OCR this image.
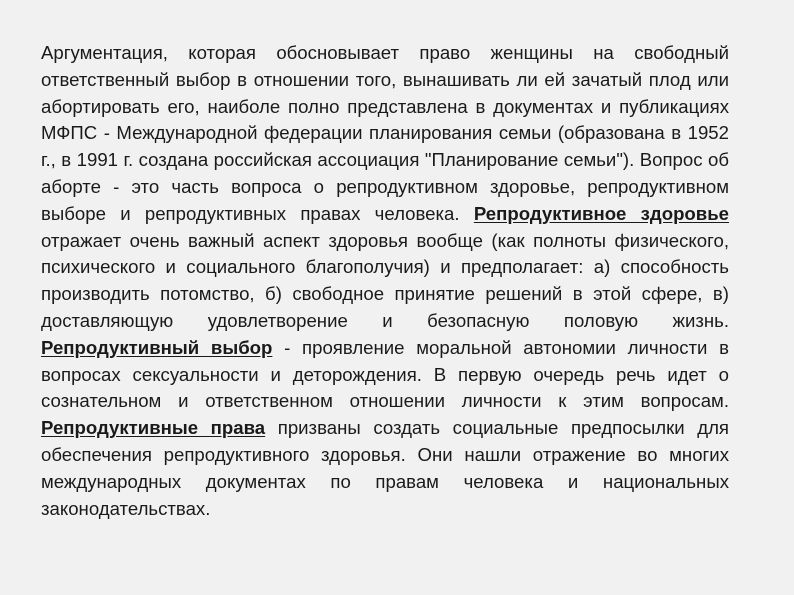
Аргументация, которая обосновывает право женщины на свободный ответственный выбор в отношении того, вынашивать ли ей зачатый плод или абортировать его, наиболе полно представлена в документах и публикациях МФПС - Международной федерации планирования семьи (образована в 1952 г., в 1991 г. создана российская ассоциация "Планирование семьи"). Вопрос об аборте - это часть вопроса о репродуктивном здоровье, репродуктивном выборе и репродуктивных правах человека. Репродуктивное здоровье отражает очень важный аспект здоровья вообще (как полноты физического, психического и социального благополучия) и предполагает: а) способность производить потомство, б) свободное принятие решений в этой сфере, в) доставляющую удовлетворение и безопасную половую жизнь. Репродуктивный выбор - проявление моральной автономии личности в вопросах сексуальности и деторождения. В первую очередь речь идет о сознательном и ответственном отношении личности к этим вопросам. Репродуктивные права призваны создать социальные предпосылки для обеспечения репродуктивного здоровья. Они нашли отражение во многих международных документах по правам человека и национальных законодательствах.
